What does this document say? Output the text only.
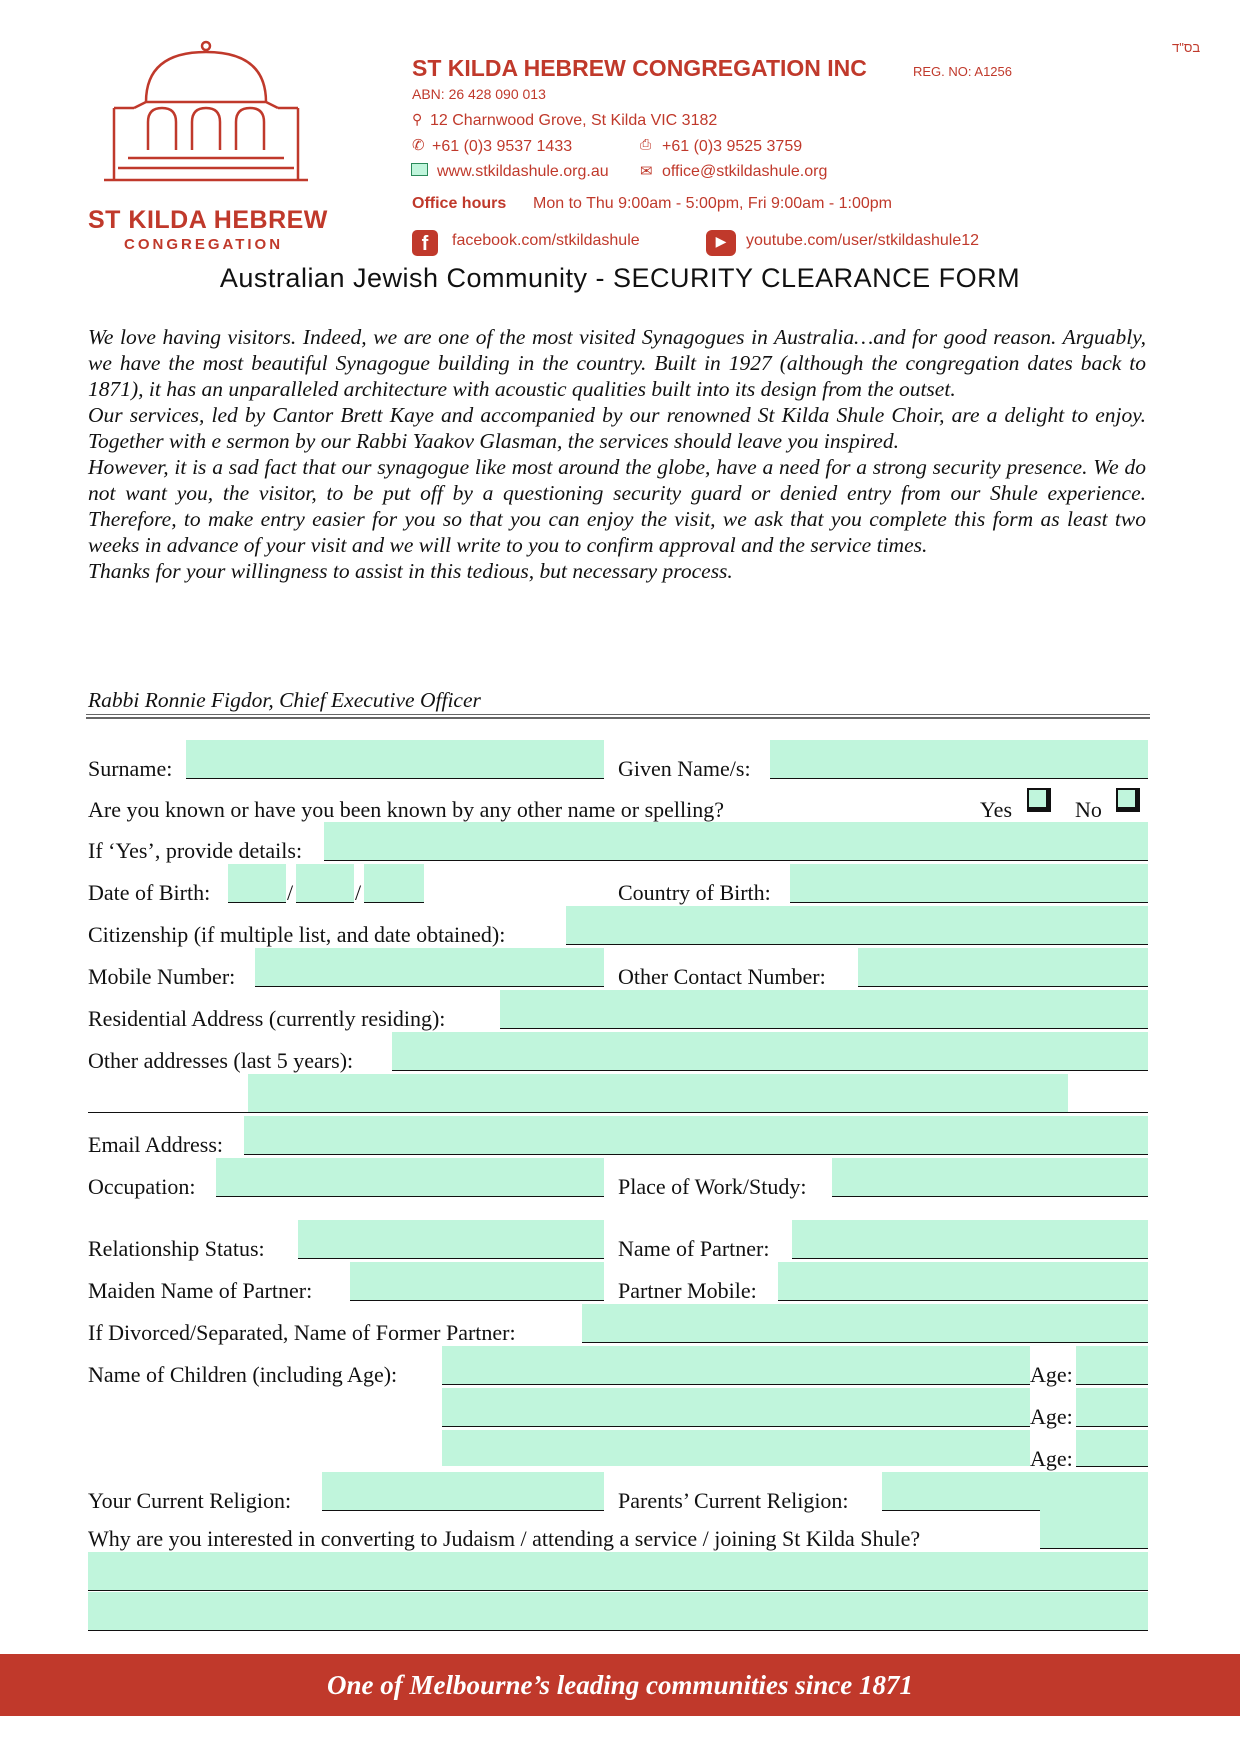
בס"ד
ST KILDA HEBREW
CONGREGATION
ST KILDA HEBREW CONGREGATION INC	REG. NO: A1256
ABN: 26 428 090 013
⚲ 12 Charnwood Grove, St Kilda VIC 3182
✆ +61 (0)3 9537 1433	⎙ +61 (0)3 9525 3759
www.stkildashule.org.au ✉ office@stkildashule.org
Office hours Mon to Thu 9:00am - 5:00pm, Fri 9:00am - 1:00pm
f	facebook.com/stkildashule	▶	youtube.com/user/stkildashule12
Australian Jewish Community - SECURITY CLEARANCE FORM

We love having visitors. Indeed, we are one of the most visited Synagogues in Australia…and for good reason. Arguably, we have the most beautiful Synagogue building in the country. Built in 1927 (although the congregation dates back to 1871), it has an unparalleled architecture with acoustic qualities built into its design from the outset.

Our services, led by Cantor Brett Kaye and accompanied by our renowned St Kilda Shule Choir, are a delight to enjoy. Together with e sermon by our Rabbi Yaakov Glasman, the services should leave you inspired.

However, it is a sad fact that our synagogue like most around the globe, have a need for a strong security presence. We do not want you, the visitor, to be put off by a questioning security guard or denied entry from our Shule experience. Therefore, to make entry easier for you so that you can enjoy the visit, we ask that you complete this form as least two weeks in advance of your visit and we will write to you to confirm approval and the service times.

Thanks for your willingness to assist in this tedious, but necessary process.

Rabbi Ronnie Figdor, Chief Executive Officer
Surname:	Given Name/s:
Are you known or have you been known by any other name or spelling?	Yes	No
If ‘Yes’, provide details:
Date of Birth:	/	/	Country of Birth:
Citizenship (if multiple list, and date obtained):
Mobile Number:	Other Contact Number:
Residential Address (currently residing):
Other addresses (last 5 years):
Email Address:
Occupation:	Place of Work/Study:
Relationship Status:	Name of Partner:
Maiden Name of Partner:	Partner Mobile:
If Divorced/Separated, Name of Former Partner:
Name of Children (including Age):	Age:
Age:
Age:
Your Current Religion:	Parents’ Current Religion:
Why are you interested in converting to Judaism / attending a service / joining St Kilda Shule?
One of Melbourne’s leading communities since 1871
